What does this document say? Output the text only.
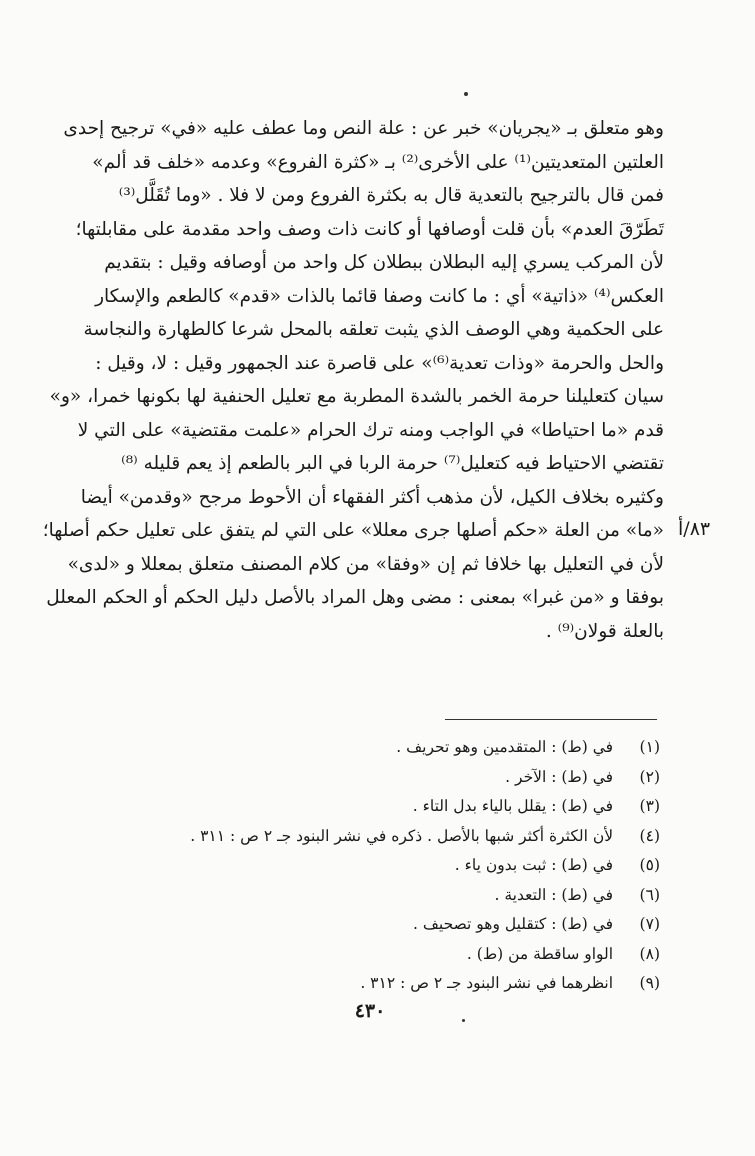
وهو متعلق بـ «يجريان» خبر عن : علة النص وما عطف عليه «في» ترجيح إحدى
العلتين المتعديتين⁽¹⁾ على الأخرى⁽²⁾ بـ «كثرة الفروع» وعدمه «خلف قد ألم»
فمن قال بالترجيح بالتعدية قال به بكثرة الفروع ومن لا فلا . «وما تُقَلَّل⁽³⁾
تَطَرّقَ العدم» بأن قلت أوصافها أو كانت ذات وصف واحد مقدمة على مقابلتها؛
لأن المركب يسري إليه البطلان ببطلان كل واحد من أوصافه وقيل : بتقديم
العكس⁽⁴⁾ «ذاتية» أي : ما كانت وصفا قائما بالذات «قدم» كالطعم والإسكار
على الحكمية وهي الوصف الذي يثبت تعلقه بالمحل شرعا كالطهارة والنجاسة
والحل والحرمة «وذات تعدية⁽⁶⁾» على قاصرة عند الجمهور وقيل : لا، وقيل :
سيان كتعليلنا حرمة الخمر بالشدة المطربة مع تعليل الحنفية لها بكونها خمرا، «و»
قدم «ما احتياطا» في الواجب ومنه ترك الحرام «علمت مقتضية» على التي لا
تقتضي الاحتياط فيه كتعليل⁽⁷⁾ حرمة الربا في البر بالطعم إذ يعم قليله ⁽⁸⁾
وكثيره بخلاف الكيل، لأن مذهب أكثر الفقهاء أن الأحوط مرجح «وقدمن» أيضا
«ما» من العلة «حكم أصلها جرى معللا» على التي لم يتفق على تعليل حكم أصلها؛
لأن في التعليل بها خلافا ثم إن «وفقا» من كلام المصنف متعلق بمعللا و «لدى»
بوفقا و «من غبرا» بمعنى : مضى وهل المراد بالأصل دليل الحكم أو الحكم المعلل
بالعلة قولان⁽⁹⁾ .
٨٣/أ
(١) في (ط) : المتقدمين وهو تحريف .
(٢) في (ط) : الآخر .
(٣) في (ط) : يقلل بالياء بدل التاء .
(٤) لأن الكثرة أكثر شبها بالأصل . ذكره في نشر البنود جـ ٢ ص : ٣١١ .
(٥) في (ط) : ثبت بدون ياء .
(٦) في (ط) : التعدية .
(٧) في (ط) : كتقليل وهو تصحيف .
(٨) الواو ساقطة من (ط) .
(٩) انظرهما في نشر البنود جـ ٢ ص : ٣١٢ .
٤٣٠
